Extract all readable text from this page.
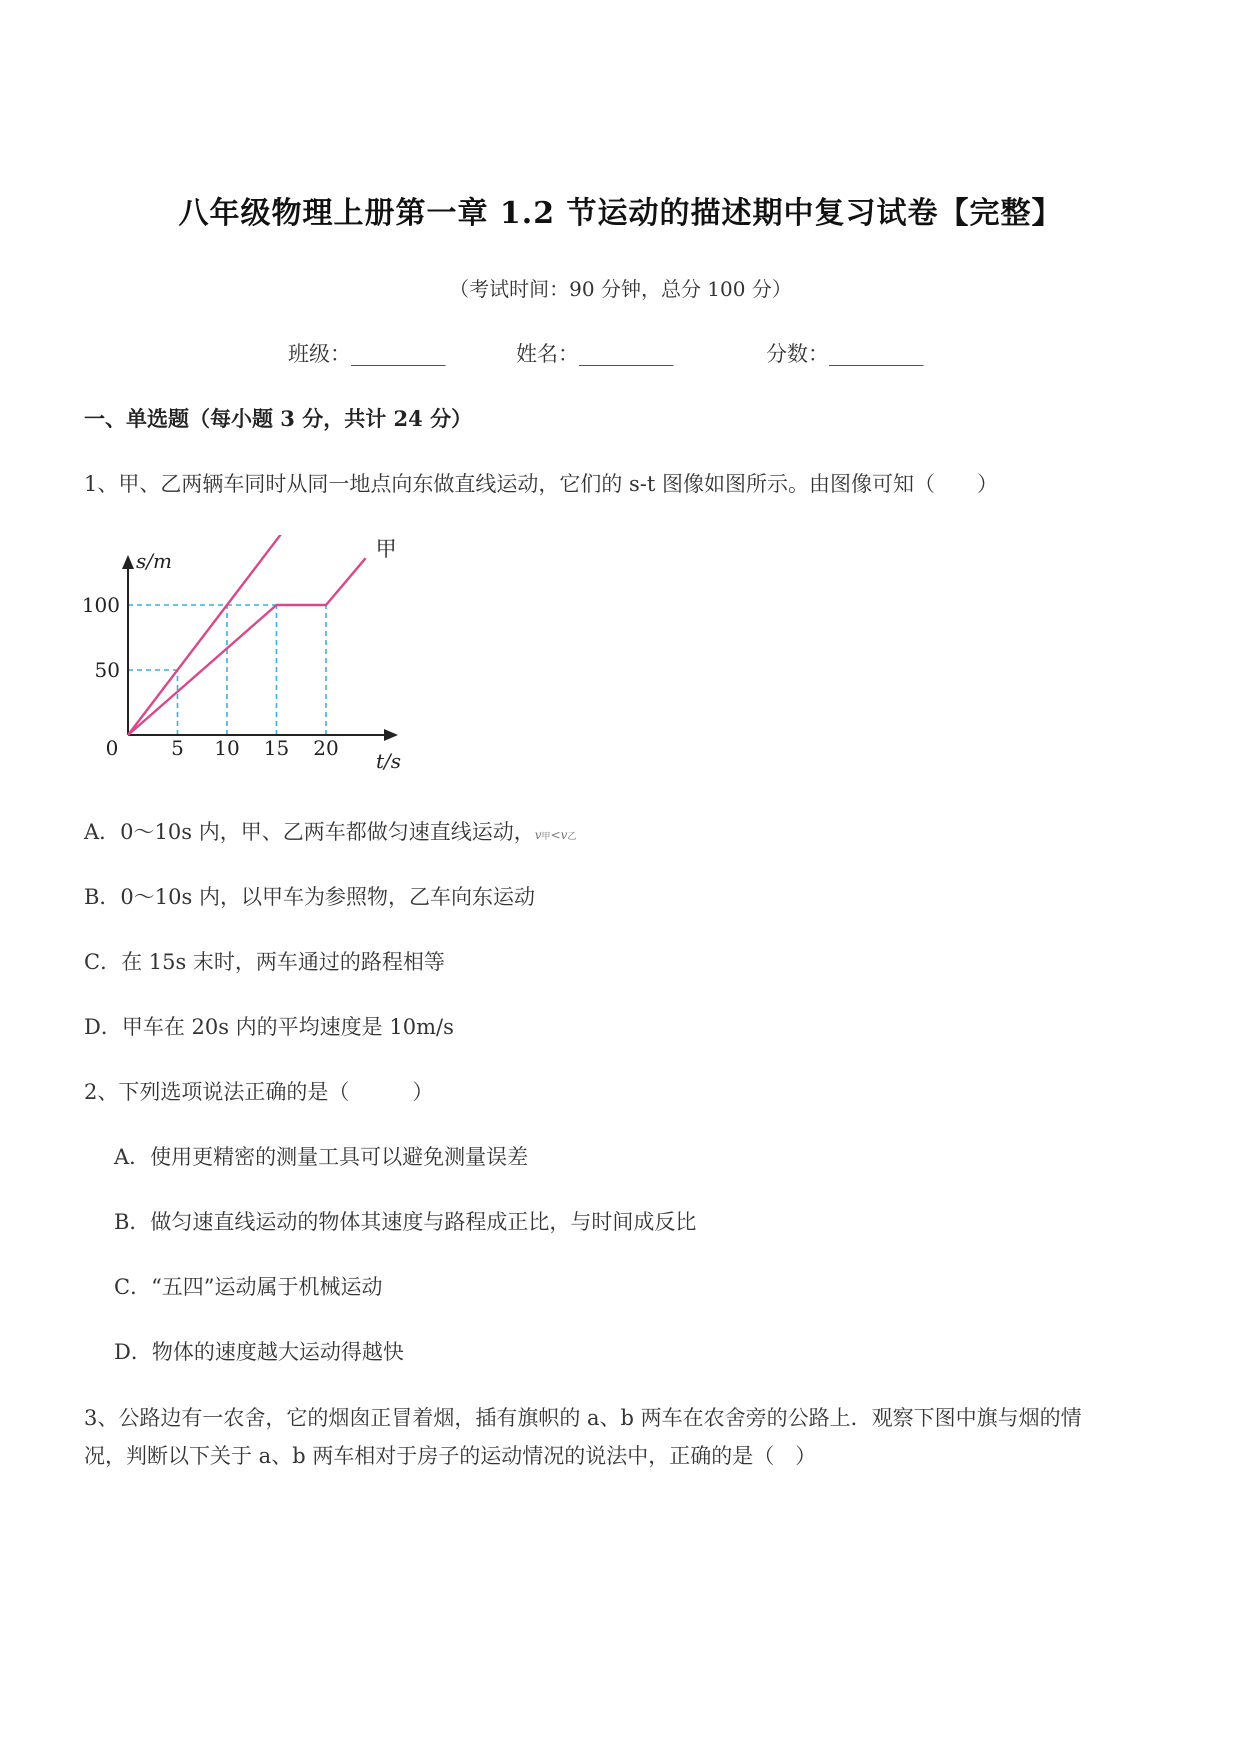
八年级物理上册第一章 1.2 节运动的描述期中复习试卷【完整】
（考试时间：90 分钟，总分 100 分）
班级：_________	姓名：_________	分数：_________
一、单选题（每小题 3 分，共计 24 分）
1、甲、乙两辆车同时从同一地点向东做直线运动，它们的 s-t 图像如图所示。由图像可知（　　）
甲
0	5 10 15 20
50
100
t/s
s/m
A．0～10s 内，甲、乙两车都做匀速直线运动，v甲<v乙
B．0～10s 内，以甲车为参照物，乙车向东运动
C．在 15s 末时，两车通过的路程相等
D．甲车在 20s 内的平均速度是 10m/s
2、下列选项说法正确的是（　　　）
A．使用更精密的测量工具可以避免测量误差
B．做匀速直线运动的物体其速度与路程成正比，与时间成反比
C．“五四”运动属于机械运动
D．物体的速度越大运动得越快
3、公路边有一农舍，它的烟囱正冒着烟，插有旗帜的 a、b 两车在农舍旁的公路上．观察下图中旗与烟的情
况，判断以下关于 a、b 两车相对于房子的运动情况的说法中，正确的是（　）
